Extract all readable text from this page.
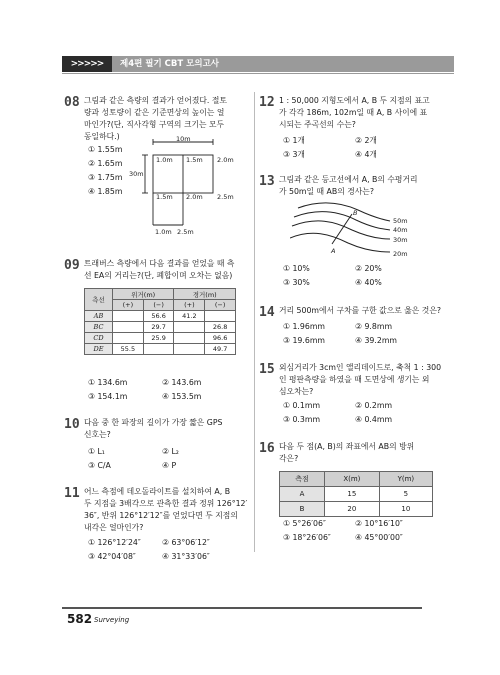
>>>>>	제4편 필기 CBT 모의고사
08 그림과 같은 측량의 결과가 얻어졌다. 절토
량과 성토량이 같은 기준면상의 높이는 얼
마인가?(단, 직사각형 구역의 크기는 모두
동일하다.)
① 1.55m
② 1.65m
③ 1.75m
④ 1.85m
10m
30m
1.0m 1.5m 2.0m
1.5m 2.0m 2.5m
1.0m 2.5m
09 트래버스 측량에서 다음 결과를 얻었을 때 측
선 EA의 거리는?(단, 폐합이며 오차는 없음)
측선	위거(m)		경거(m)	
	(+)	(−)	(+)	(−)
AB		56.6	41.2	
BC		29.7		26.8
CD		25.9		96.6
DE	55.5			49.7
① 134.6m	② 143.6m
③ 154.1m	④ 153.5m
10 다음 중 한 파장의 길이가 가장 짧은 GPS
신호는?
① L₁	② L₂
③ C/A	④ P
11 어느 측점에 데오돌라이트를 설치하여 A, B
두 지점을 3배각으로 관측한 결과 정위 126°12′
36″, 반위 126°12′12″를 얻었다면 두 지점의
내각은 얼마인가?
① 126°12′24″	② 63°06′12″
③ 42°04′08″	④ 31°33′06″
12 1 : 50,000 지형도에서 A, B 두 지점의 표고
가 각각 186m, 102m일 때 A, B 사이에 표
시되는 주곡선의 수는?
① 1개	② 2개
③ 3개	④ 4개
13 그림과 같은 등고선에서 A, B의 수평거리
가 50m일 때 AB의 경사는?
50m
40m
30m
20m
A
B
① 10%	② 20%
③ 30%	④ 40%
14 거리 500m에서 구차를 구한 값으로 옳은 것은?
① 1.96mm	② 9.8mm
③ 19.6mm	④ 39.2mm
15 외심거리가 3cm인 앨리데이드로, 축척 1 : 300
인 평판측량을 하였을 때 도면상에 생기는 외
심오차는?
① 0.1mm	② 0.2mm
③ 0.3mm	④ 0.4mm
16 다음 두 점(A, B)의 좌표에서 AB의 방위
각은?
측점	X(m)	Y(m)
A	15	5
B	20	10
① 5°26′06″	② 10°16′10″
③ 18°26′06″	④ 45°00′00″
582 Surveying
